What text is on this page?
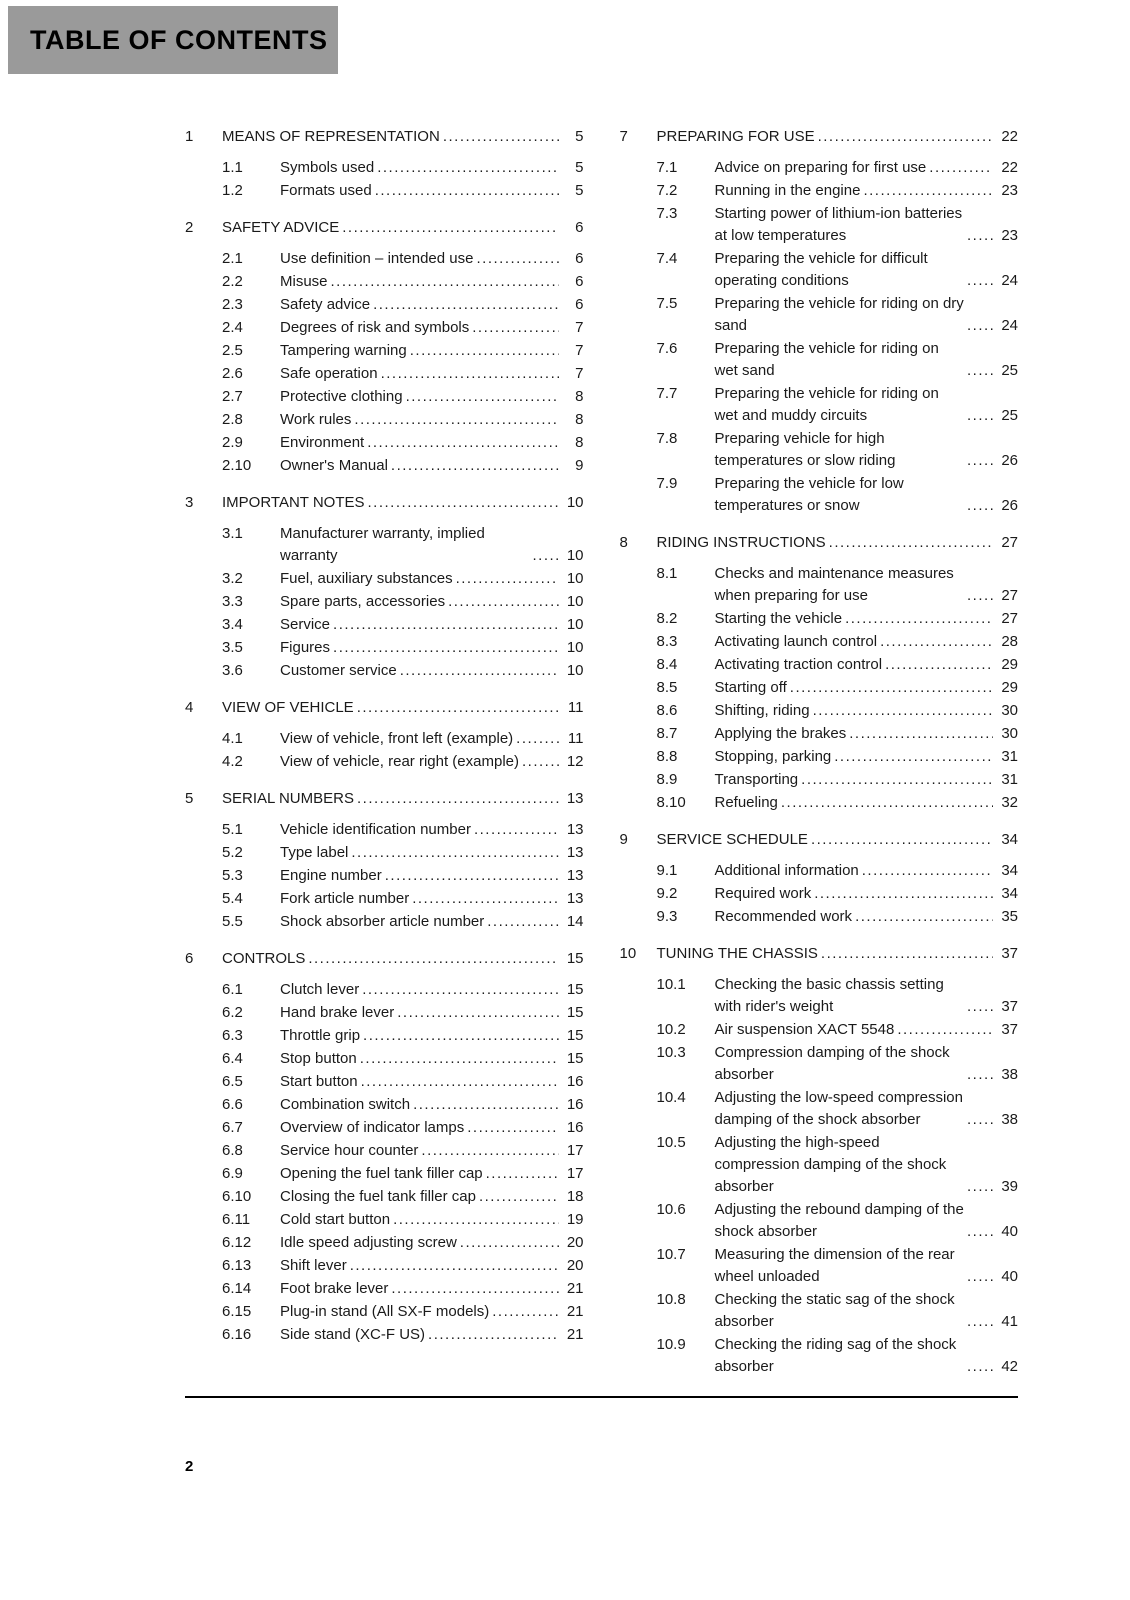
TABLE OF CONTENTS
1	MEANS OF REPRESENTATION .....	5
1.1	Symbols used .....	5
1.2	Formats used .....	5
2	SAFETY ADVICE .....	6
2.1	Use definition – intended use .....	6
2.2	Misuse .....	6
2.3	Safety advice .....	6
2.4	Degrees of risk and symbols .....	7
2.5	Tampering warning .....	7
2.6	Safe operation .....	7
2.7	Protective clothing .....	8
2.8	Work rules .....	8
2.9	Environment .....	8
2.10	Owner's Manual .....	9
3	IMPORTANT NOTES .....	10
3.1	Manufacturer warranty, implied warranty .....	10
3.2	Fuel, auxiliary substances .....	10
3.3	Spare parts, accessories .....	10
3.4	Service .....	10
3.5	Figures .....	10
3.6	Customer service .....	10
4	VIEW OF VEHICLE .....	11
4.1	View of vehicle, front left (example) .....	11
4.2	View of vehicle, rear right (example) .....	12
5	SERIAL NUMBERS .....	13
5.1	Vehicle identification number .....	13
5.2	Type label .....	13
5.3	Engine number .....	13
5.4	Fork article number .....	13
5.5	Shock absorber article number .....	14
6	CONTROLS .....	15
6.1	Clutch lever .....	15
6.2	Hand brake lever .....	15
6.3	Throttle grip .....	15
6.4	Stop button .....	15
6.5	Start button .....	16
6.6	Combination switch .....	16
6.7	Overview of indicator lamps .....	16
6.8	Service hour counter .....	17
6.9	Opening the fuel tank filler cap .....	17
6.10	Closing the fuel tank filler cap .....	18
6.11	Cold start button .....	19
6.12	Idle speed adjusting screw .....	20
6.13	Shift lever .....	20
6.14	Foot brake lever .....	21
6.15	Plug-in stand (All SX-F models) .....	21
6.16	Side stand (XC-F US) .....	21
7	PREPARING FOR USE .....	22
7.1	Advice on preparing for first use .....	22
7.2	Running in the engine .....	23
7.3	Starting power of lithium-ion batteries at low temperatures .....	23
7.4	Preparing the vehicle for difficult operating conditions .....	24
7.5	Preparing the vehicle for riding on dry sand .....	24
7.6	Preparing the vehicle for riding on wet sand .....	25
7.7	Preparing the vehicle for riding on wet and muddy circuits .....	25
7.8	Preparing vehicle for high temperatures or slow riding .....	26
7.9	Preparing the vehicle for low temperatures or snow .....	26
8	RIDING INSTRUCTIONS .....	27
8.1	Checks and maintenance measures when preparing for use .....	27
8.2	Starting the vehicle .....	27
8.3	Activating launch control .....	28
8.4	Activating traction control .....	29
8.5	Starting off .....	29
8.6	Shifting, riding .....	30
8.7	Applying the brakes .....	30
8.8	Stopping, parking .....	31
8.9	Transporting .....	31
8.10	Refueling .....	32
9	SERVICE SCHEDULE .....	34
9.1	Additional information .....	34
9.2	Required work .....	34
9.3	Recommended work .....	35
10	TUNING THE CHASSIS .....	37
10.1	Checking the basic chassis setting with rider's weight .....	37
10.2	Air suspension XACT 5548 .....	37
10.3	Compression damping of the shock absorber .....	38
10.4	Adjusting the low-speed compression damping of the shock absorber .....	38
10.5	Adjusting the high-speed compression damping of the shock absorber .....	39
10.6	Adjusting the rebound damping of the shock absorber .....	40
10.7	Measuring the dimension of the rear wheel unloaded .....	40
10.8	Checking the static sag of the shock absorber .....	41
10.9	Checking the riding sag of the shock absorber .....	42
2
